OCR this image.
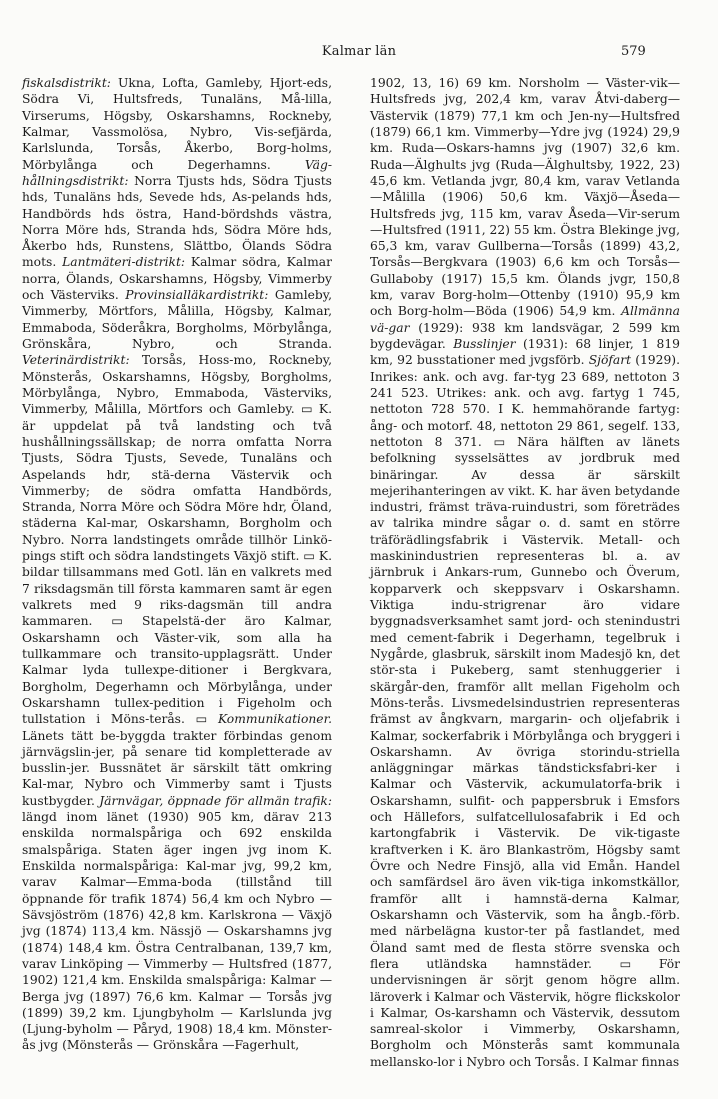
Kalmar län	579

fiskalsdistrikt: Ukna, Lofta, Gamleby, Hjort-eds, Södra Vi, Hultsfreds, Tunaläns, Må-lilla, Virserums, Högsby, Oskarshamns, Rockneby, Kalmar, Vassmolösa, Nybro, Vis-sefjärda, Karlslunda, Torsås, Åkerbo, Borg-holms, Mörbylånga och Degerhamns. Väg-hållningsdistrikt: Norra Tjusts hds, Södra Tjusts hds, Tunaläns hds, Sevede hds, As-pelands hds, Handbörds hds östra, Hand-bördshds västra, Norra Möre hds, Stranda hds, Södra Möre hds, Åkerbo hds, Runstens, Slättbo, Ölands Södra mots. Lantmäteri-distrikt: Kalmar södra, Kalmar norra, Ölands, Oskarshamns, Högsby, Vimmerby och Västerviks. Provinsialläkardistrikt: Gamleby, Vimmerby, Mörtfors, Målilla, Högsby, Kalmar, Emmaboda, Söderåkra, Borgholms, Mörbylånga, Grönskåra, Nybro, och Stranda. Veterinärdistrikt: Torsås, Hoss-mo, Rockneby, Mönsterås, Oskarshamns, Högsby, Borgholms, Mörbylånga, Nybro, Emmaboda, Västerviks, Vimmerby, Målilla, Mörtfors och Gamleby. ▭ K. är uppdelat på två landsting och två hushållningssällskap; de norra omfatta Norra Tjusts, Södra Tjusts, Sevede, Tunaläns och Aspelands hdr, stä-derna Västervik och Vimmerby; de södra omfatta Handbörds, Stranda, Norra Möre och Södra Möre hdr, Öland, städerna Kal-mar, Oskarshamn, Borgholm och Nybro. Norra landstingets område tillhör Linkö-pings stift och södra landstingets Växjö stift. ▭ K. bildar tillsammans med Gotl. län en valkrets med 7 riksdagsmän till första kammaren samt är egen valkrets med 9 riks-dagsmän till andra kammaren. ▭ Stapelstä-der äro Kalmar, Oskarshamn och Väster-vik, som alla ha tullkammare och transito-upplagsrätt. Under Kalmar lyda tullexpe-ditioner i Bergkvara, Borgholm, Degerhamn och Mörbylånga, under Oskarshamn tullex-pedition i Figeholm och tullstation i Möns-terås. ▭ Kommunikationer. Länets tätt be-byggda trakter förbindas genom järnvägslin-jer, på senare tid kompletterade av busslin-jer. Bussnätet är särskilt tätt omkring Kal-mar, Nybro och Vimmerby samt i Tjusts kustbygder. Järnvägar, öppnade för allmän trafik: längd inom länet (1930) 905 km, därav 213 enskilda normalspåriga och 692 enskilda smalspåriga. Staten äger ingen jvg inom K. Enskilda normalspåriga: Kal-mar jvg, 99,2 km, varav Kalmar—Emma-boda (tillstånd till öppnande för trafik 1874) 56,4 km och Nybro — Sävsjöström (1876) 42,8 km. Karlskrona — Växjö jvg (1874) 113,4 km. Nässjö — Oskarshamns jvg (1874) 148,4 km. Östra Centralbanan, 139,7 km, varav Linköping — Vimmerby — Hultsfred (1877, 1902) 121,4 km. Enskilda smalspåriga: Kalmar — Berga jvg (1897) 76,6 km. Kalmar — Torsås jvg (1899) 39,2 km. Ljungbyholm — Karlslunda jvg (Ljung-byholm — Påryd, 1908) 18,4 km. Mönster-ås jvg (Mönsterås — Grönskåra —Fagerhult,

1902, 13, 16) 69 km. Norsholm — Väster-vik—Hultsfreds jvg, 202,4 km, varav Åtvi-daberg—Västervik (1879) 77,1 km och Jen-ny—Hultsfred (1879) 66,1 km. Vimmerby—Ydre jvg (1924) 29,9 km. Ruda—Oskars-hamns jvg (1907) 32,6 km. Ruda—Älghults jvg (Ruda—Älghultsby, 1922, 23) 45,6 km. Vetlanda jvgr, 80,4 km, varav Vetlanda—Målilla (1906) 50,6 km. Växjö—Åseda—Hultsfreds jvg, 115 km, varav Åseda—Vir-serum—Hultsfred (1911, 22) 55 km. Östra Blekinge jvg, 65,3 km, varav Gullberna—Torsås (1899) 43,2, Torsås—Bergkvara (1903) 6,6 km och Torsås—Gullaboby (1917) 15,5 km. Ölands jvgr, 150,8 km, varav Borg-holm—Ottenby (1910) 95,9 km och Borg-holm—Böda (1906) 54,9 km. Allmänna vä-gar (1929): 938 km landsvägar, 2 599 km bygdevägar. Busslinjer (1931): 68 linjer, 1 819 km, 92 busstationer med jvgsförb. Sjöfart (1929). Inrikes: ank. och avg. far-tyg 23 689, nettoton 3 241 523. Utrikes: ank. och avg. fartyg 1 745, nettoton 728 570. I K. hemmahörande fartyg: ång- och motorf. 48, nettoton 29 861, segelf. 133, nettoton 8 371. ▭ Nära hälften av länets befolkning sysselsättes av jordbruk med binäringar. Av dessa är särskilt mejerihanteringen av vikt. K. har även betydande industri, främst träva-ruindustri, som företrädes av talrika mindre sågar o. d. samt en större träförädlingsfabrik i Västervik. Metall- och maskinindustrien representeras bl. a. av järnbruk i Ankars-rum, Gunnebo och Överum, kopparverk och skeppsvarv i Oskarshamn. Viktiga indu-strigrenar äro vidare byggnadsverksamhet samt jord- och stenindustri med cement-fabrik i Degerhamn, tegelbruk i Nygårde, glasbruk, särskilt inom Madesjö kn, det stör-sta i Pukeberg, samt stenhuggerier i skärgår-den, framför allt mellan Figeholm och Möns-terås. Livsmedelsindustrien representeras främst av ångkvarn, margarin- och oljefabrik i Kalmar, sockerfabrik i Mörbylånga och bryggeri i Oskarshamn. Av övriga storindu-striella anläggningar märkas tändsticksfabri-ker i Kalmar och Västervik, ackumulatorfa-brik i Oskarshamn, sulfit- och pappersbruk i Emsfors och Hällefors, sulfatcellulosafabrik i Ed och kartongfabrik i Västervik. De vik-tigaste kraftverken i K. äro Blankaström, Högsby samt Övre och Nedre Finsjö, alla vid Emån. Handel och samfärdsel äro även vik-tiga inkomstkällor, framför allt i hamnstä-derna Kalmar, Oskarshamn och Västervik, som ha ångb.-förb. med närbelägna kustor-ter på fastlandet, med Öland samt med de flesta större svenska och flera utländska hamnstäder. ▭ För undervisningen är sörjt genom högre allm. läroverk i Kalmar och Västervik, högre flickskolor i Kalmar, Os-karshamn och Västervik, dessutom samreal-skolor i Vimmerby, Oskarshamn, Borgholm och Mönsterås samt kommunala mellansko-lor i Nybro och Torsås. I Kalmar finnas
